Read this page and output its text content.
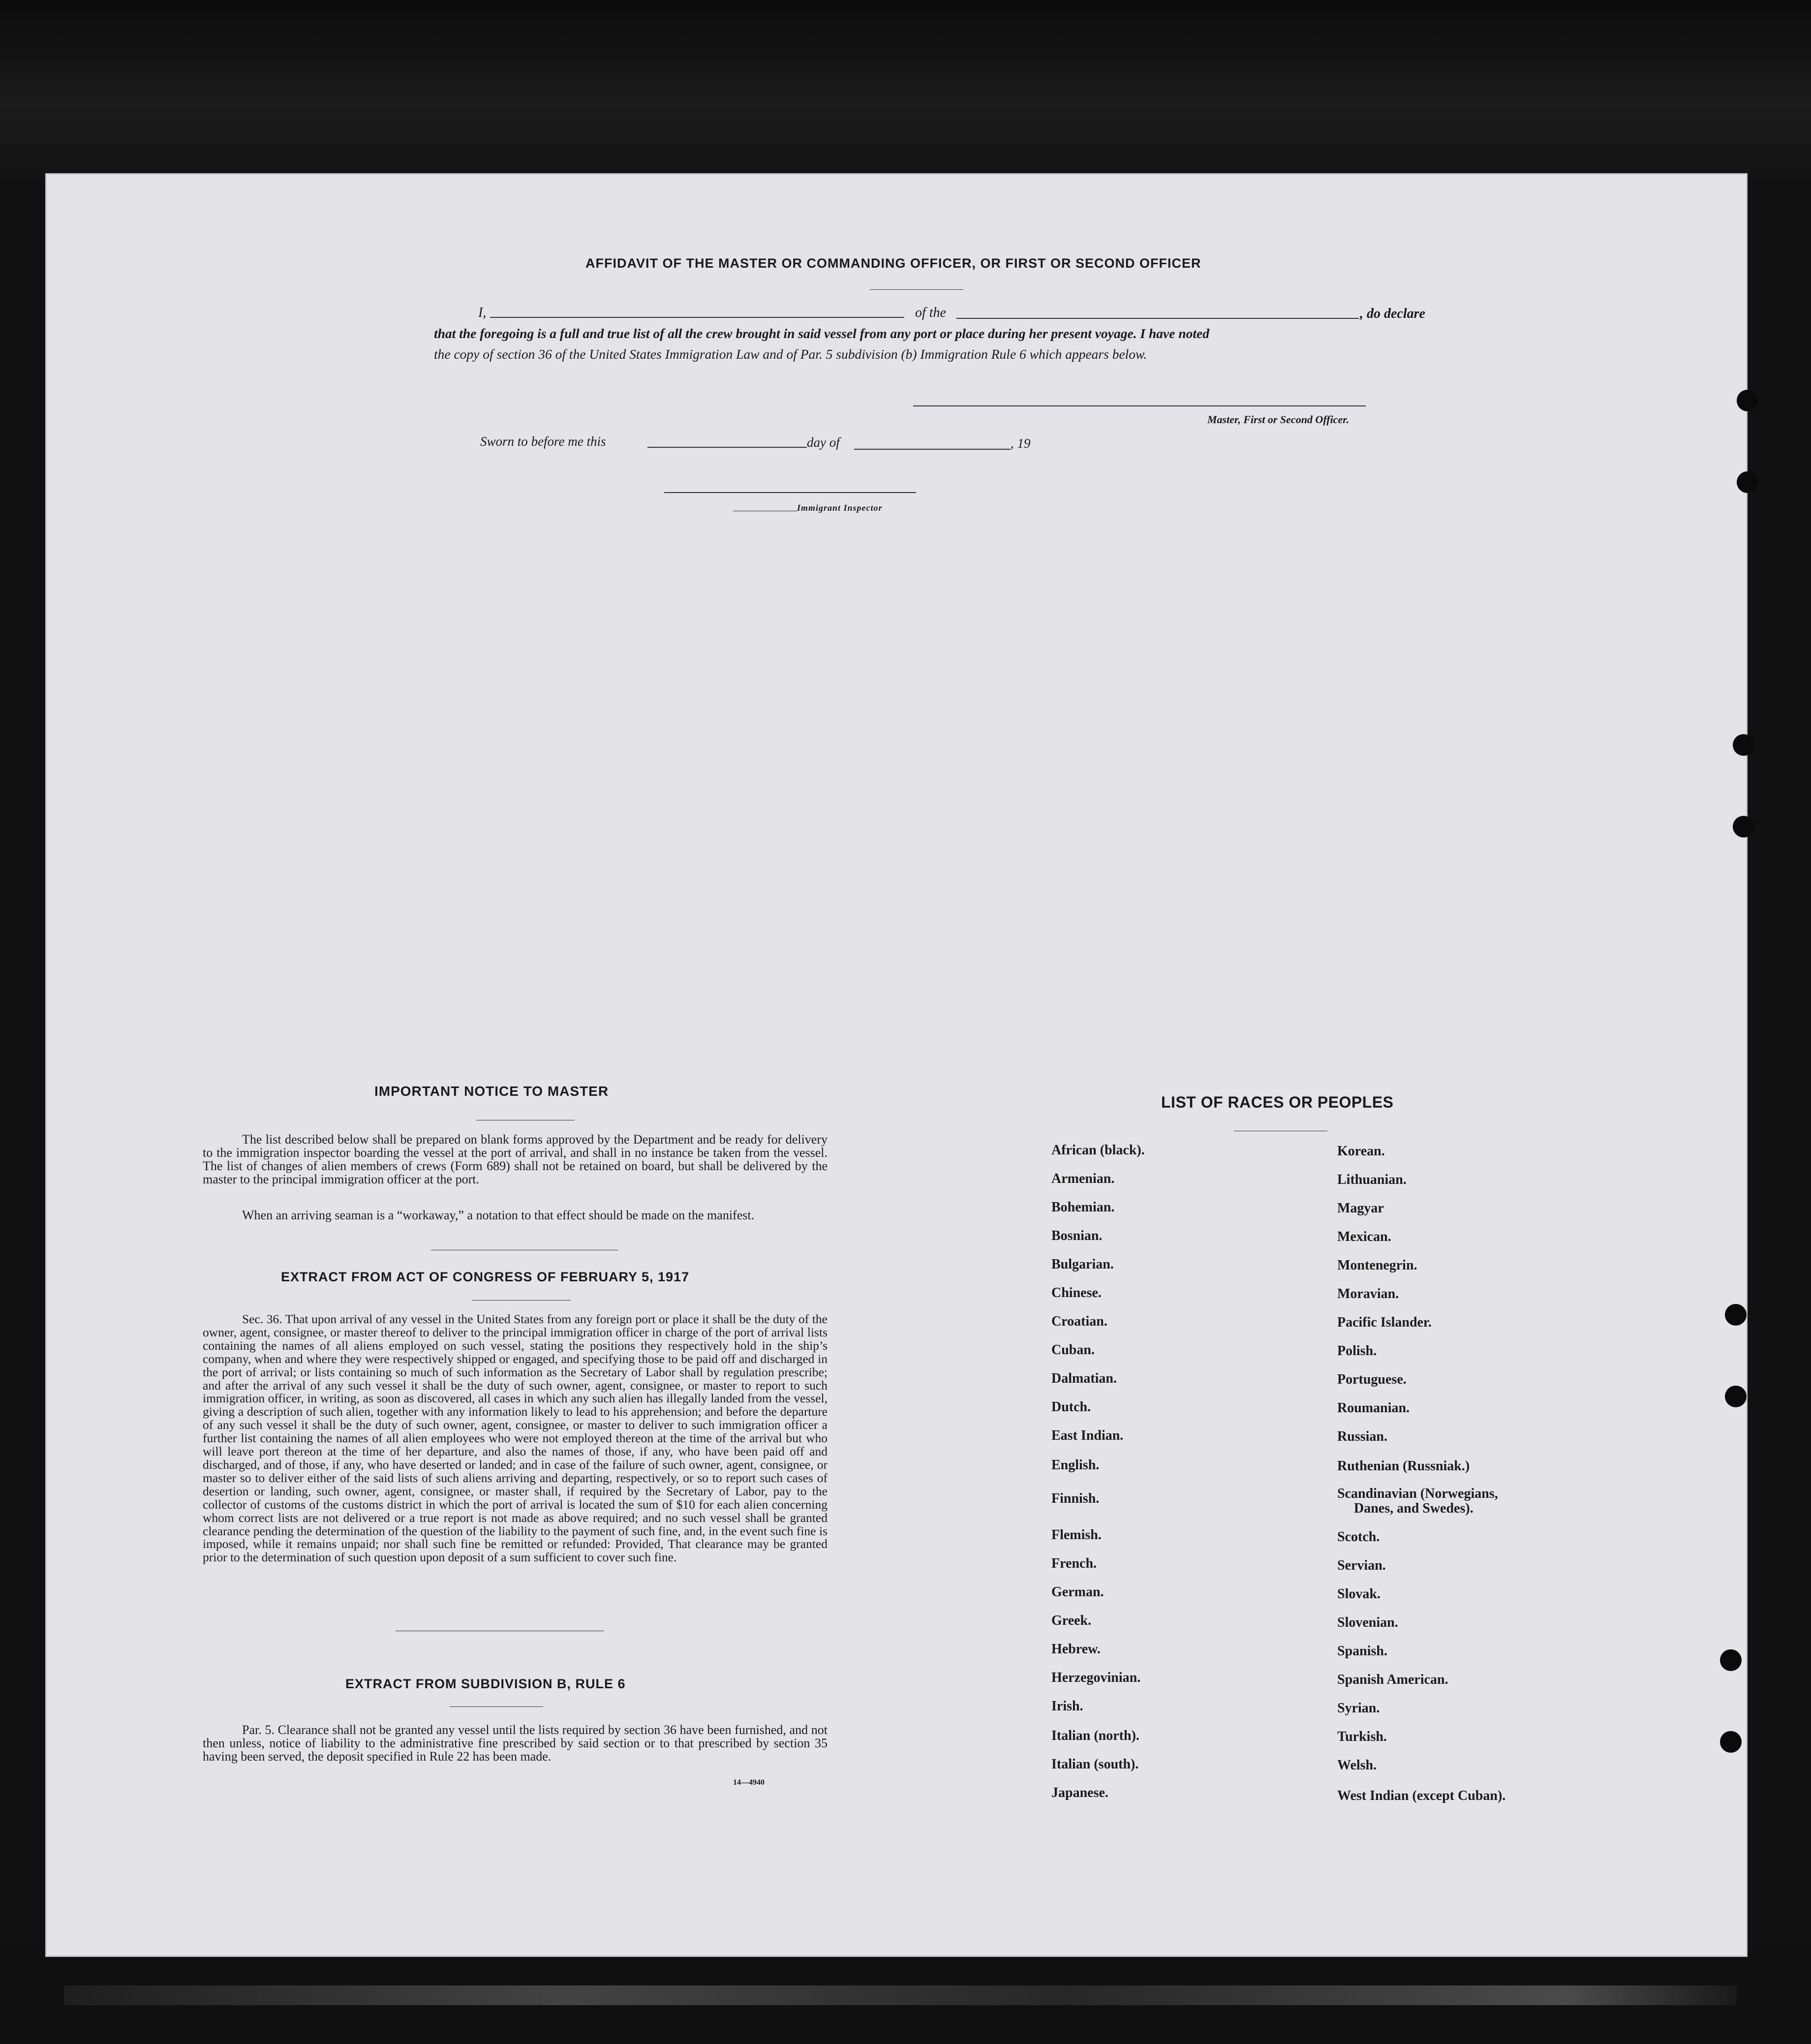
AFFIDAVIT OF THE MASTER OR COMMANDING OFFICER, OR FIRST OR SECOND OFFICER
I,	of the	, do declare
that the foregoing is a full and true list of all the crew brought in said vessel from any port or place during her present voyage. I have noted
the copy of section 36 of the United States Immigration Law and of Par. 5 subdivision (b) Immigration Rule 6 which appears below.
Master, First or Second Officer.
Sworn to before me this	day of	, 19
Immigrant Inspector
IMPORTANT NOTICE TO MASTER
The list described below shall be prepared on blank forms approved by the Department and be ready for delivery to the immigration inspector boarding the vessel at the port of arrival, and shall in no instance be taken from the vessel. The list of changes of alien members of crews (Form 689) shall not be retained on board, but shall be delivered by the master to the principal immigration officer at the port.
When an arriving seaman is a “workaway,” a notation to that effect should be made on the manifest.
EXTRACT FROM ACT OF CONGRESS OF FEBRUARY 5, 1917
Sec. 36. That upon arrival of any vessel in the United States from any foreign port or place it shall be the duty of the owner, agent, consignee, or master thereof to deliver to the principal immigration officer in charge of the port of arrival lists containing the names of all aliens employed on such vessel, stating the positions they respectively hold in the ship’s company, when and where they were respectively shipped or engaged, and specifying those to be paid off and discharged in the port of arrival; or lists containing so much of such information as the Secretary of Labor shall by regulation prescribe; and after the arrival of any such vessel it shall be the duty of such owner, agent, consignee, or master to report to such immigration officer, in writing, as soon as discovered, all cases in which any such alien has illegally landed from the vessel, giving a description of such alien, together with any information likely to lead to his apprehension; and before the departure of any such vessel it shall be the duty of such owner, agent, consignee, or master to deliver to such immigration officer a further list containing the names of all alien employees who were not employed thereon at the time of the arrival but who will leave port thereon at the time of her departure, and also the names of those, if any, who have been paid off and discharged, and of those, if any, who have deserted or landed; and in case of the failure of such owner, agent, consignee, or master so to deliver either of the said lists of such aliens arriving and departing, respectively, or so to report such cases of desertion or landing, such owner, agent, consignee, or master shall, if required by the Secretary of Labor, pay to the collector of customs of the customs district in which the port of arrival is located the sum of $10 for each alien concerning whom correct lists are not delivered or a true report is not made as above required; and no such vessel shall be granted clearance pending the determination of the question of the liability to the payment of such fine, and, in the event such fine is imposed, while it remains unpaid; nor shall such fine be remitted or refunded: Provided, That clearance may be granted prior to the determination of such question upon deposit of a sum sufficient to cover such fine.
EXTRACT FROM SUBDIVISION B, RULE 6
Par. 5. Clearance shall not be granted any vessel until the lists required by section 36 have been furnished, and not then unless, notice of liability to the administrative fine prescribed by said section or to that prescribed by section 35 having been served, the deposit specified in Rule 22 has been made.
14—4940
LIST OF RACES OR PEOPLES
African (black).
Armenian.
Bohemian.
Bosnian.
Bulgarian.
Chinese.
Croatian.
Cuban.
Dalmatian.
Dutch.
East Indian.
English.
Finnish.
Flemish.
French.
German.
Greek.
Hebrew.
Herzegovinian.
Irish.
Italian (north).
Italian (south).
Japanese.
Korean.
Lithuanian.
Magyar
Mexican.
Montenegrin.
Moravian.
Pacific Islander.
Polish.
Portuguese.
Roumanian.
Russian.
Ruthenian (Russniak.)
Scandinavian (Norwegians,
Danes, and Swedes).
Scotch.
Servian.
Slovak.
Slovenian.
Spanish.
Spanish American.
Syrian.
Turkish.
Welsh.
West Indian (except Cuban).
